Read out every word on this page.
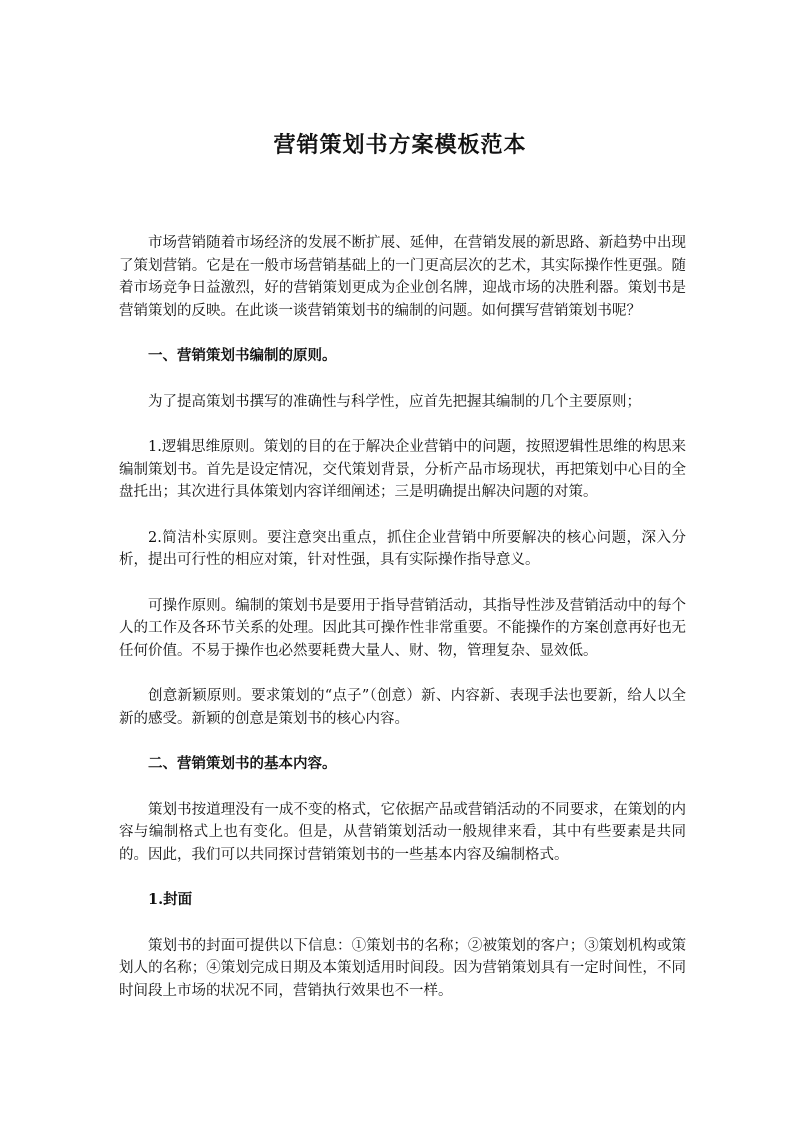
营销策划书方案模板范本

市场营销随着市场经济的发展不断扩展、延伸，在营销发展的新思路、新趋势中出现了策划营销。它是在一般市场营销基础上的一门更高层次的艺术，其实际操作性更强。随着市场竞争日益激烈，好的营销策划更成为企业创名牌，迎战市场的决胜利器。策划书是营销策划的反映。在此谈一谈营销策划书的编制的问题。如何撰写营销策划书呢？

一、营销策划书编制的原则。

为了提高策划书撰写的准确性与科学性，应首先把握其编制的几个主要原则；

1.逻辑思维原则。策划的目的在于解决企业营销中的问题，按照逻辑性思维的构思来编制策划书。首先是设定情况，交代策划背景，分析产品市场现状，再把策划中心目的全盘托出；其次进行具体策划内容详细阐述；三是明确提出解决问题的对策。

2.简洁朴实原则。要注意突出重点，抓住企业营销中所要解决的核心问题，深入分析，提出可行性的相应对策，针对性强，具有实际操作指导意义。

可操作原则。编制的策划书是要用于指导营销活动，其指导性涉及营销活动中的每个人的工作及各环节关系的处理。因此其可操作性非常重要。不能操作的方案创意再好也无任何价值。不易于操作也必然要耗费大量人、财、物，管理复杂、显效低。

创意新颖原则。要求策划的“点子”（创意）新、内容新、表现手法也要新，给人以全新的感受。新颖的创意是策划书的核心内容。

二、营销策划书的基本内容。

策划书按道理没有一成不变的格式，它依据产品或营销活动的不同要求，在策划的内容与编制格式上也有变化。但是，从营销策划活动一般规律来看，其中有些要素是共同的。因此，我们可以共同探讨营销策划书的一些基本内容及编制格式。

1.封面

策划书的封面可提供以下信息：①策划书的名称；②被策划的客户；③策划机构或策划人的名称；④策划完成日期及本策划适用时间段。因为营销策划具有一定时间性，不同时间段上市场的状况不同，营销执行效果也不一样。
